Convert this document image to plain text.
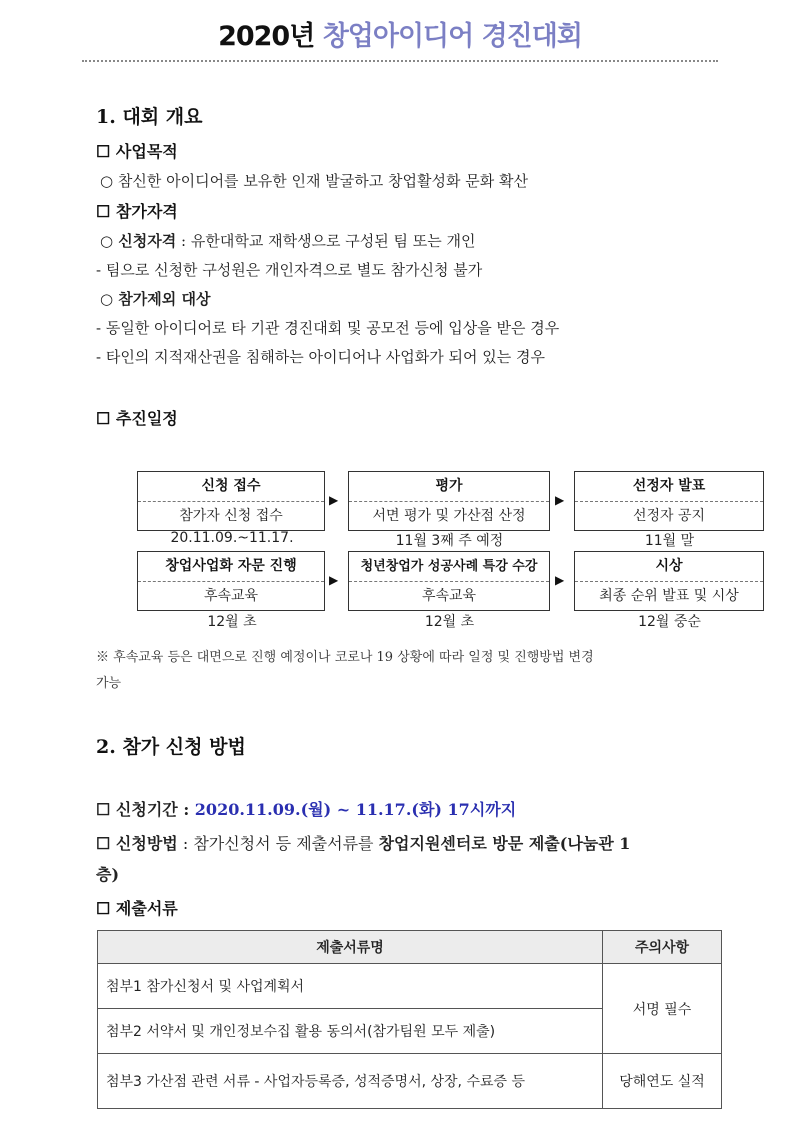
2020년 창업아이디어 경진대회
1. 대회 개요
☐ 사업목적
○ 참신한 아이디어를 보유한 인재 발굴하고 창업활성화 문화 확산
☐ 참가자격
○ 신청자격 : 유한대학교 재학생으로 구성된 팀 또는 개인
- 팀으로 신청한 구성원은 개인자격으로 별도 참가신청 불가
○ 참가제외 대상
- 동일한 아이디어로 타 기관 경진대회 및 공모전 등에 입상을 받은 경우
- 타인의 지적재산권을 침해하는 아이디어나 사업화가 되어 있는 경우
☐ 추진일정
신청 접수
참가자 신청 접수
▶
평가
서면 평가 및 가산점 산정
▶
선정자 발표
선정자 공지
20.11.09.~11.17.	11월 3째 주 예정	11월 말
창업사업화 자문 진행
후속교육
▶
청년창업가 성공사례 특강 수강
후속교육
▶
시상
최종 순위 발표 및 시상
12월 초	12월 초	12월 중순
※ 후속교육 등은 대면으로 진행 예정이나 코로나 19 상황에 따라 일정 및 진행방법 변경
가능
2. 참가 신청 방법
☐ 신청기간 : 2020.11.09.(월) ~ 11.17.(화) 17시까지
☐ 신청방법 : 참가신청서 등 제출서류를 창업지원센터로 방문 제출(나눔관 1
층)
☐ 제출서류
제출서류명	주의사항
첨부1 참가신청서 및 사업계획서	서명 필수
첨부2 서약서 및 개인정보수집 활용 동의서(참가팀원 모두 제출)	
첨부3 가산점 관련 서류 - 사업자등록증, 성적증명서, 상장, 수료증 등	당해연도 실적
